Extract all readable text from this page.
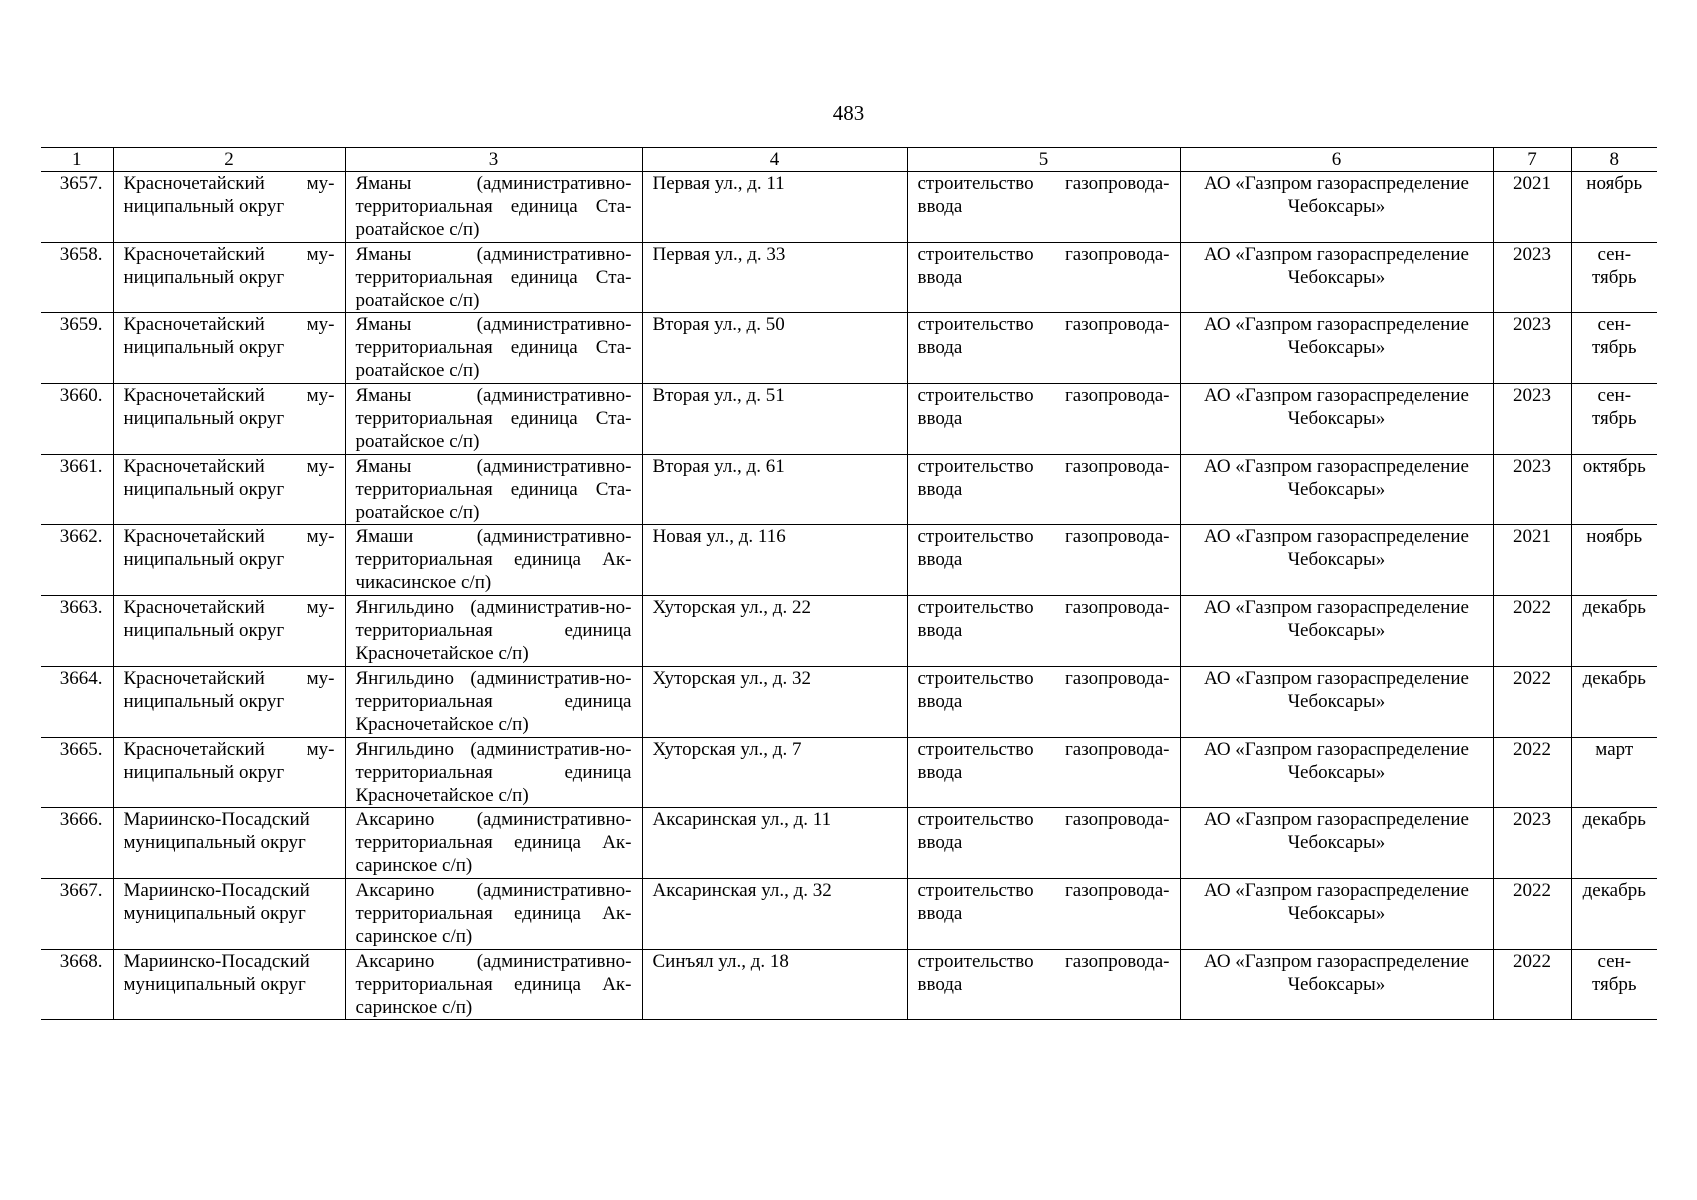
483
1	2	3	4	5	6	7	8
3657.	Красночетайский му-ниципальный округ	Яманы (административно-территориальная единица Ста-роатайское с/п)	Первая ул., д. 11	строительство газопровода-ввода	АО «Газпром газораспределение Чебоксары»	2021	ноябрь
3658.	Красночетайский му-ниципальный округ	Яманы (административно-территориальная единица Ста-роатайское с/п)	Первая ул., д. 33	строительство газопровода-ввода	АО «Газпром газораспределение Чебоксары»	2023	сен-тябрь
3659.	Красночетайский му-ниципальный округ	Яманы (административно-территориальная единица Ста-роатайское с/п)	Вторая ул., д. 50	строительство газопровода-ввода	АО «Газпром газораспределение Чебоксары»	2023	сен-тябрь
3660.	Красночетайский му-ниципальный округ	Яманы (административно-территориальная единица Ста-роатайское с/п)	Вторая ул., д. 51	строительство газопровода-ввода	АО «Газпром газораспределение Чебоксары»	2023	сен-тябрь
3661.	Красночетайский му-ниципальный округ	Яманы (административно-территориальная единица Ста-роатайское с/п)	Вторая ул., д. 61	строительство газопровода-ввода	АО «Газпром газораспределение Чебоксары»	2023	октябрь
3662.	Красночетайский му-ниципальный округ	Ямаши (административно-территориальная единица Ак-чикасинское с/п)	Новая ул., д. 116	строительство газопровода-ввода	АО «Газпром газораспределение Чебоксары»	2021	ноябрь
3663.	Красночетайский му-ниципальный округ	Янгильдино (административ-но-территориальная единица Красночетайское с/п)	Хуторская ул., д. 22	строительство газопровода-ввода	АО «Газпром газораспределение Чебоксары»	2022	декабрь
3664.	Красночетайский му-ниципальный округ	Янгильдино (административ-но-территориальная единица Красночетайское с/п)	Хуторская ул., д. 32	строительство газопровода-ввода	АО «Газпром газораспределение Чебоксары»	2022	декабрь
3665.	Красночетайский му-ниципальный округ	Янгильдино (административ-но-территориальная единица Красночетайское с/п)	Хуторская ул., д. 7	строительство газопровода-ввода	АО «Газпром газораспределение Чебоксары»	2022	март
3666.	Мариинско-Посадский муниципальный округ	Аксарино (административно-территориальная единица Ак-саринское с/п)	Аксаринская ул., д. 11	строительство газопровода-ввода	АО «Газпром газораспределение Чебоксары»	2023	декабрь
3667.	Мариинско-Посадский муниципальный округ	Аксарино (административно-территориальная единица Ак-саринское с/п)	Аксаринская ул., д. 32	строительство газопровода-ввода	АО «Газпром газораспределение Чебоксары»	2022	декабрь
3668.	Мариинско-Посадский муниципальный округ	Аксарино (административно-территориальная единица Ак-саринское с/п)	Синъял ул., д. 18	строительство газопровода-ввода	АО «Газпром газораспределение Чебоксары»	2022	сен-тябрь
